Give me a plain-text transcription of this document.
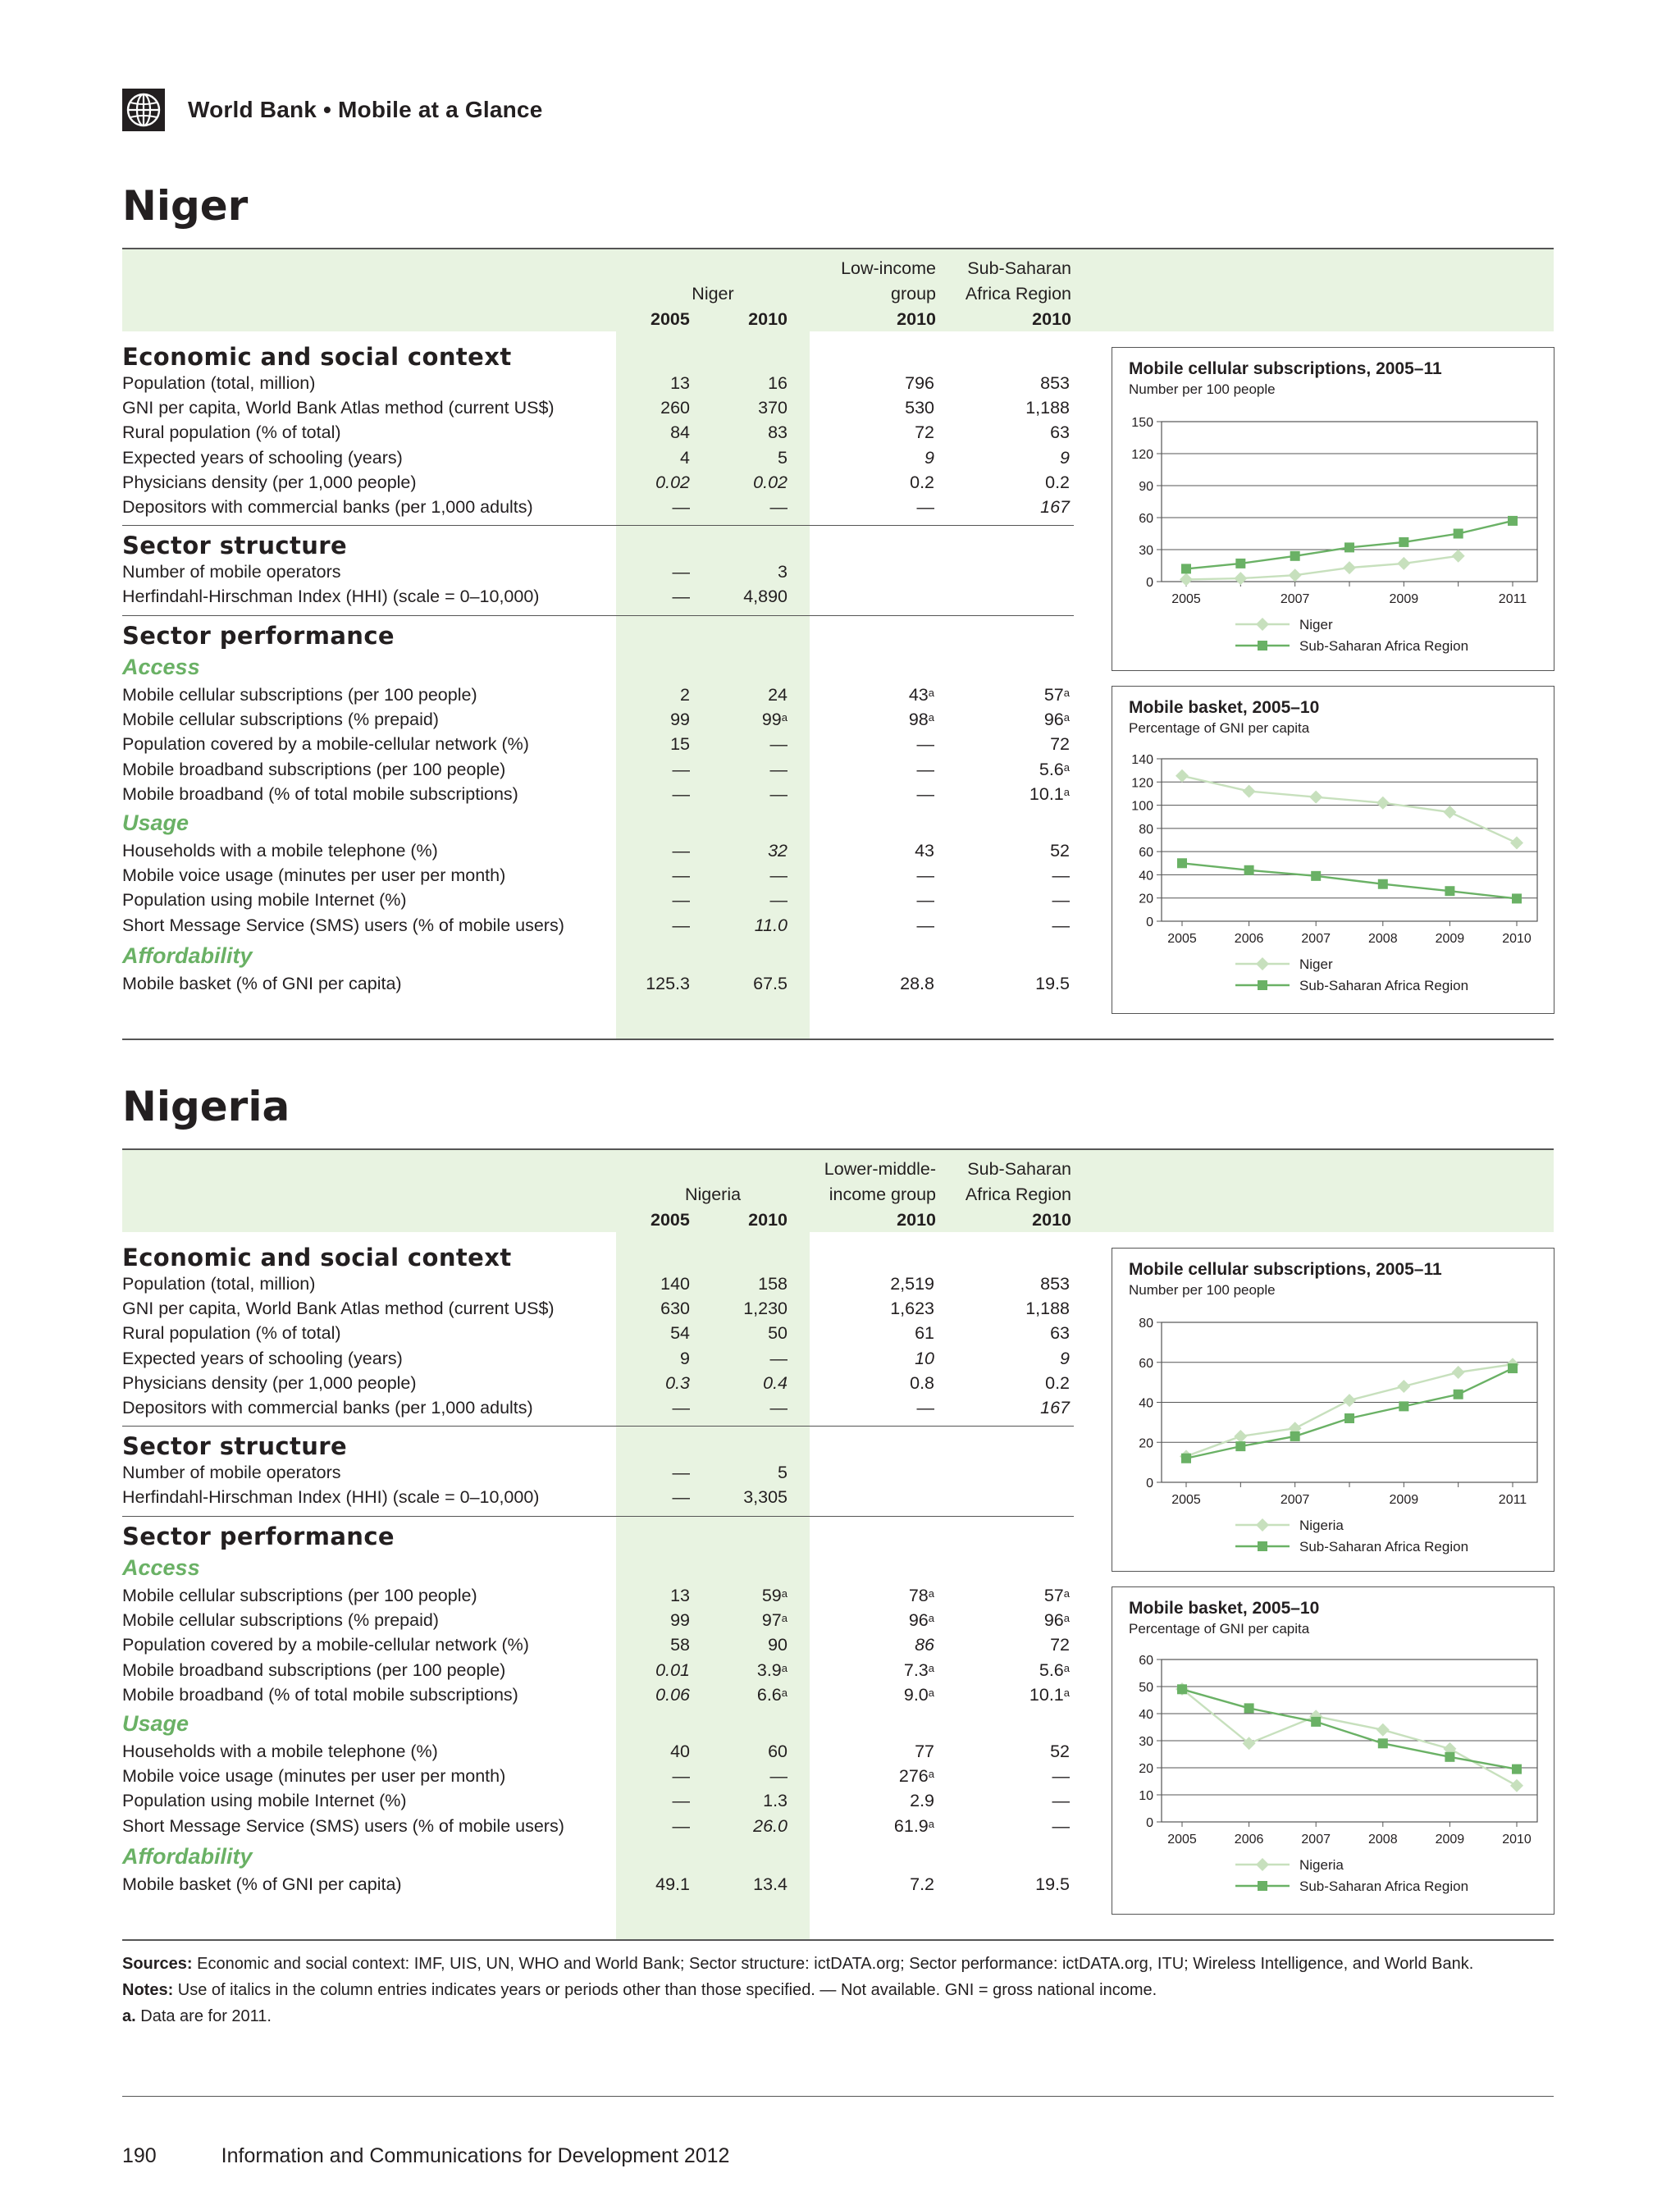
World Bank • Mobile at a Glance
Niger
Niger
2005	2010
Low-income
group
2010
Sub-Saharan
Africa Region
2010
Economic and social context
Population (total, million)	13	16	796	853
GNI per capita, World Bank Atlas method (current US$)	260	370	530	1,188
Rural population (% of total)	84	83	72	63
Expected years of schooling (years)	4	5	9	9
Physicians density (per 1,000 people)	0.02	0.02	0.2	0.2
Depositors with commercial banks (per 1,000 adults)	—	—	—	167
Sector structure
Number of mobile operators	—	3
Herfindahl-Hirschman Index (HHI) (scale = 0–10,000)	—	4,890
Sector performance
Access
Mobile cellular subscriptions (per 100 people)	2	24	43$^a$	57$^a$
Mobile cellular subscriptions (% prepaid)	99	99$^a$	98$^a$	96$^a$
Population covered by a mobile-cellular network (%)	15	—	—	72
Mobile broadband subscriptions (per 100 people)	—	—	—	5.6$^a$
Mobile broadband (% of total mobile subscriptions)	—	—	—	10.1$^a$
Usage
Households with a mobile telephone (%)	—	32	43	52
Mobile voice usage (minutes per user per month)	—	—	—	—
Population using mobile Internet (%)	—	—	—	—
Short Message Service (SMS) users (% of mobile users)	—	11.0	—	—
Affordability
Mobile basket (% of GNI per capita)	125.3	67.5	28.8	19.5
Nigeria
Nigeria
2005	2010
Lower-middle-
income group
2010
Sub-Saharan
Africa Region
2010
Economic and social context
Population (total, million)	140	158	2,519	853
GNI per capita, World Bank Atlas method (current US$)	630	1,230	1,623	1,188
Rural population (% of total)	54	50	61	63
Expected years of schooling (years)	9	—	10	9
Physicians density (per 1,000 people)	0.3	0.4	0.8	0.2
Depositors with commercial banks (per 1,000 adults)	—	—	—	167
Sector structure
Number of mobile operators	—	5
Herfindahl-Hirschman Index (HHI) (scale = 0–10,000)	—	3,305
Sector performance
Access
Mobile cellular subscriptions (per 100 people)	13	59$^a$	78$^a$	57$^a$
Mobile cellular subscriptions (% prepaid)	99	97$^a$	96$^a$	96$^a$
Population covered by a mobile-cellular network (%)	58	90	86	72
Mobile broadband subscriptions (per 100 people)	0.01	3.9$^a$	7.3$^a$	5.6$^a$
Mobile broadband (% of total mobile subscriptions)	0.06	6.6$^a$	9.0$^a$	10.1$^a$
Usage
Households with a mobile telephone (%)	40	60	77	52
Mobile voice usage (minutes per user per month)	—	—	276$^a$	—
Population using mobile Internet (%)	—	1.3	2.9	—
Short Message Service (SMS) users (% of mobile users)	—	26.0	61.9$^a$	—
Affordability
Mobile basket (% of GNI per capita)	49.1	13.4	7.2	19.5
Sources: Economic and social context: IMF, UIS, UN, WHO and World Bank; Sector structure: ictDATA.org; Sector performance: ictDATA.org, ITU; Wireless Intelligence, and World Bank.
Notes: Use of italics in the column entries indicates years or periods other than those specified. — Not available. GNI = gross national income.
a. Data are for 2011.
190	Information and Communications for Development 2012
Mobile cellular subscriptions, 2005–11
Number per 100 people
0
30
60
90
120
150
2005	2007	2009	2011
Niger
Sub-Saharan Africa Region
Mobile basket, 2005–10
Percentage of GNI per capita
0
20
40
60
80
100
120
140
2005	2006	2007	2008	2009	2010
Niger
Sub-Saharan Africa Region
Mobile cellular subscriptions, 2005–11
Number per 100 people
0
20
40
60
80
2005	2007	2009	2011
Nigeria
Sub-Saharan Africa Region
Mobile basket, 2005–10
Percentage of GNI per capita
0
10
20
30
40
50
60
2005	2006	2007	2008	2009	2010
Nigeria
Sub-Saharan Africa Region
